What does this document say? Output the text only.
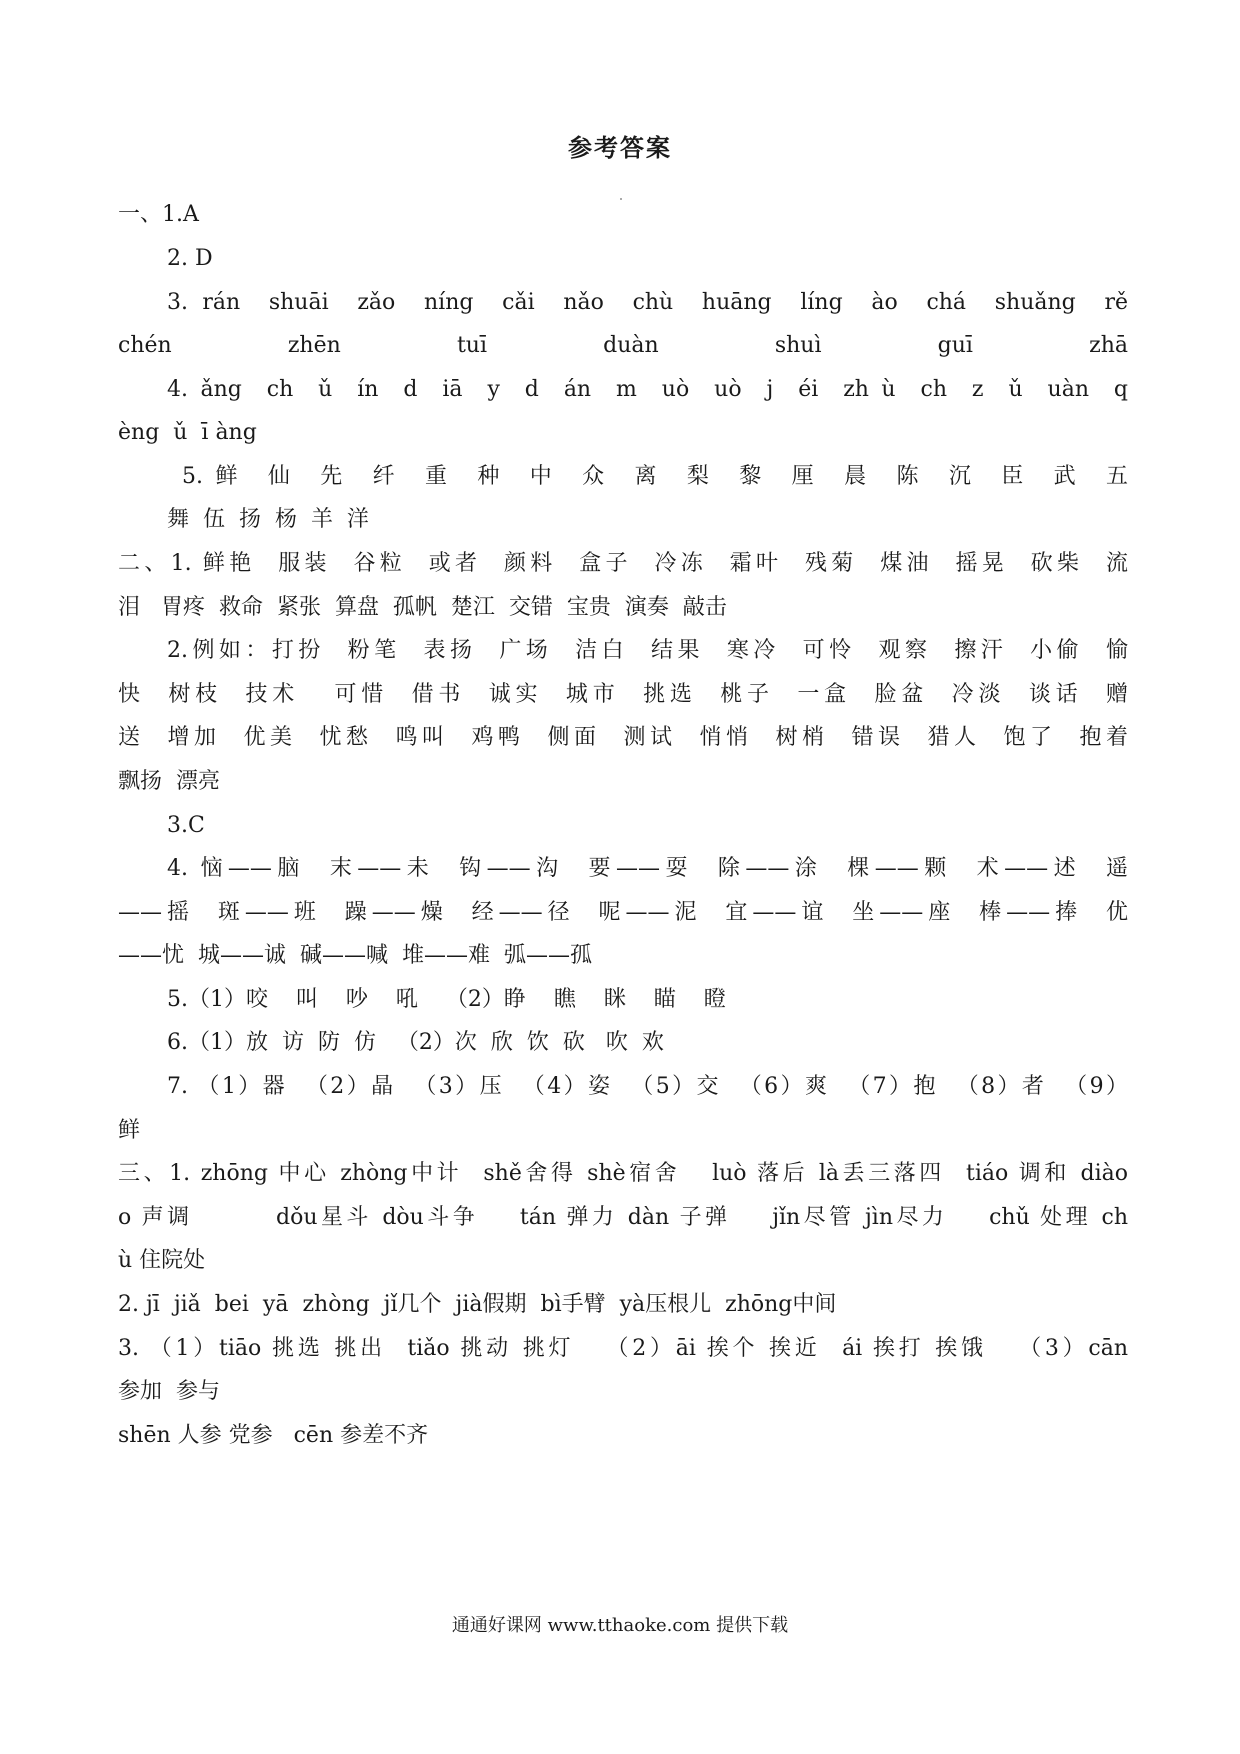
参考答案
一、1.A
2. D
3. rán  shuāi  zǎo  níng  cǎi  nǎo  chù  huāng  líng  ào  chá  shuǎng  rě
chén  zhēn  tuī  duàn  shuì  guī  zhā
4. ǎng  ch  ǔ  ín  d  iā  y  d  án  m  uò  uò  j  éi  zh ù  ch  z  ǔ  uàn  q
èng  ǔ  ī àng
5. 鲜  仙  先  纤  重  种  中  众  离  梨  黎  厘  晨  陈  沉  臣  武  五
舞  伍  扬  杨  羊  洋
二、1. 鲜艳  服装  谷粒  或者  颜料  盒子  冷冻  霜叶  残菊  煤油  摇晃  砍柴  流
泪   胃疼  救命  紧张  算盘  孤帆  楚江  交错  宝贵  演奏  敲击
2.例如：打扮  粉笔  表扬  广场  洁白  结果  寒冷  可怜  观察  擦汗  小偷  愉
快  树枝  技术   可惜  借书  诚实  城市  挑选  桃子  一盒  脸盆  冷淡  谈话  赠
送  增加  优美  忧愁  鸣叫  鸡鸭  侧面  测试  悄悄  树梢  错误  猎人  饱了  抱着
飘扬  漂亮
3.C
4. 恼——脑  末——未  钩——沟  要——耍  除——涂  棵——颗  术——述  遥
——摇  斑——班  躁——燥  经——径  呢——泥  宜——谊  坐——座  棒——捧  优
——忧  城——诚  碱——喊  堆——难  弧——孤
5.（1）咬    叫    吵    吼    （2）睁    瞧    眯    瞄    瞪
6.（1）放  访  防  仿   （2）次  欣  饮  砍   吹  欢
7. （1）器  （2）晶  （3）压  （4）姿  （5）交  （6）爽  （7）抱  （8）者  （9）
鲜
三、1. zhōng 中心 zhòng中计  shě舍得 shè宿舍   luò 落后 là丢三落四  tiáo 调和 diào
o 声调        dǒu星斗 dòu斗争    tán 弹力 dàn 子弹    jǐn尽管 jìn尽力    chǔ 处理 ch
ù 住院处
2. jī  jiǎ  bei  yā  zhòng  jǐ几个  jià假期  bì手臂  yà压根儿  zhōng中间
3. （1）tiāo 挑选 挑出  tiǎo 挑动 挑灯   （2）āi 挨个 挨近  ái 挨打 挨饿   （3）cān
参加  参与
shēn 人参 党参   cēn 参差不齐
通通好课网 www.tthaoke.com 提供下载
